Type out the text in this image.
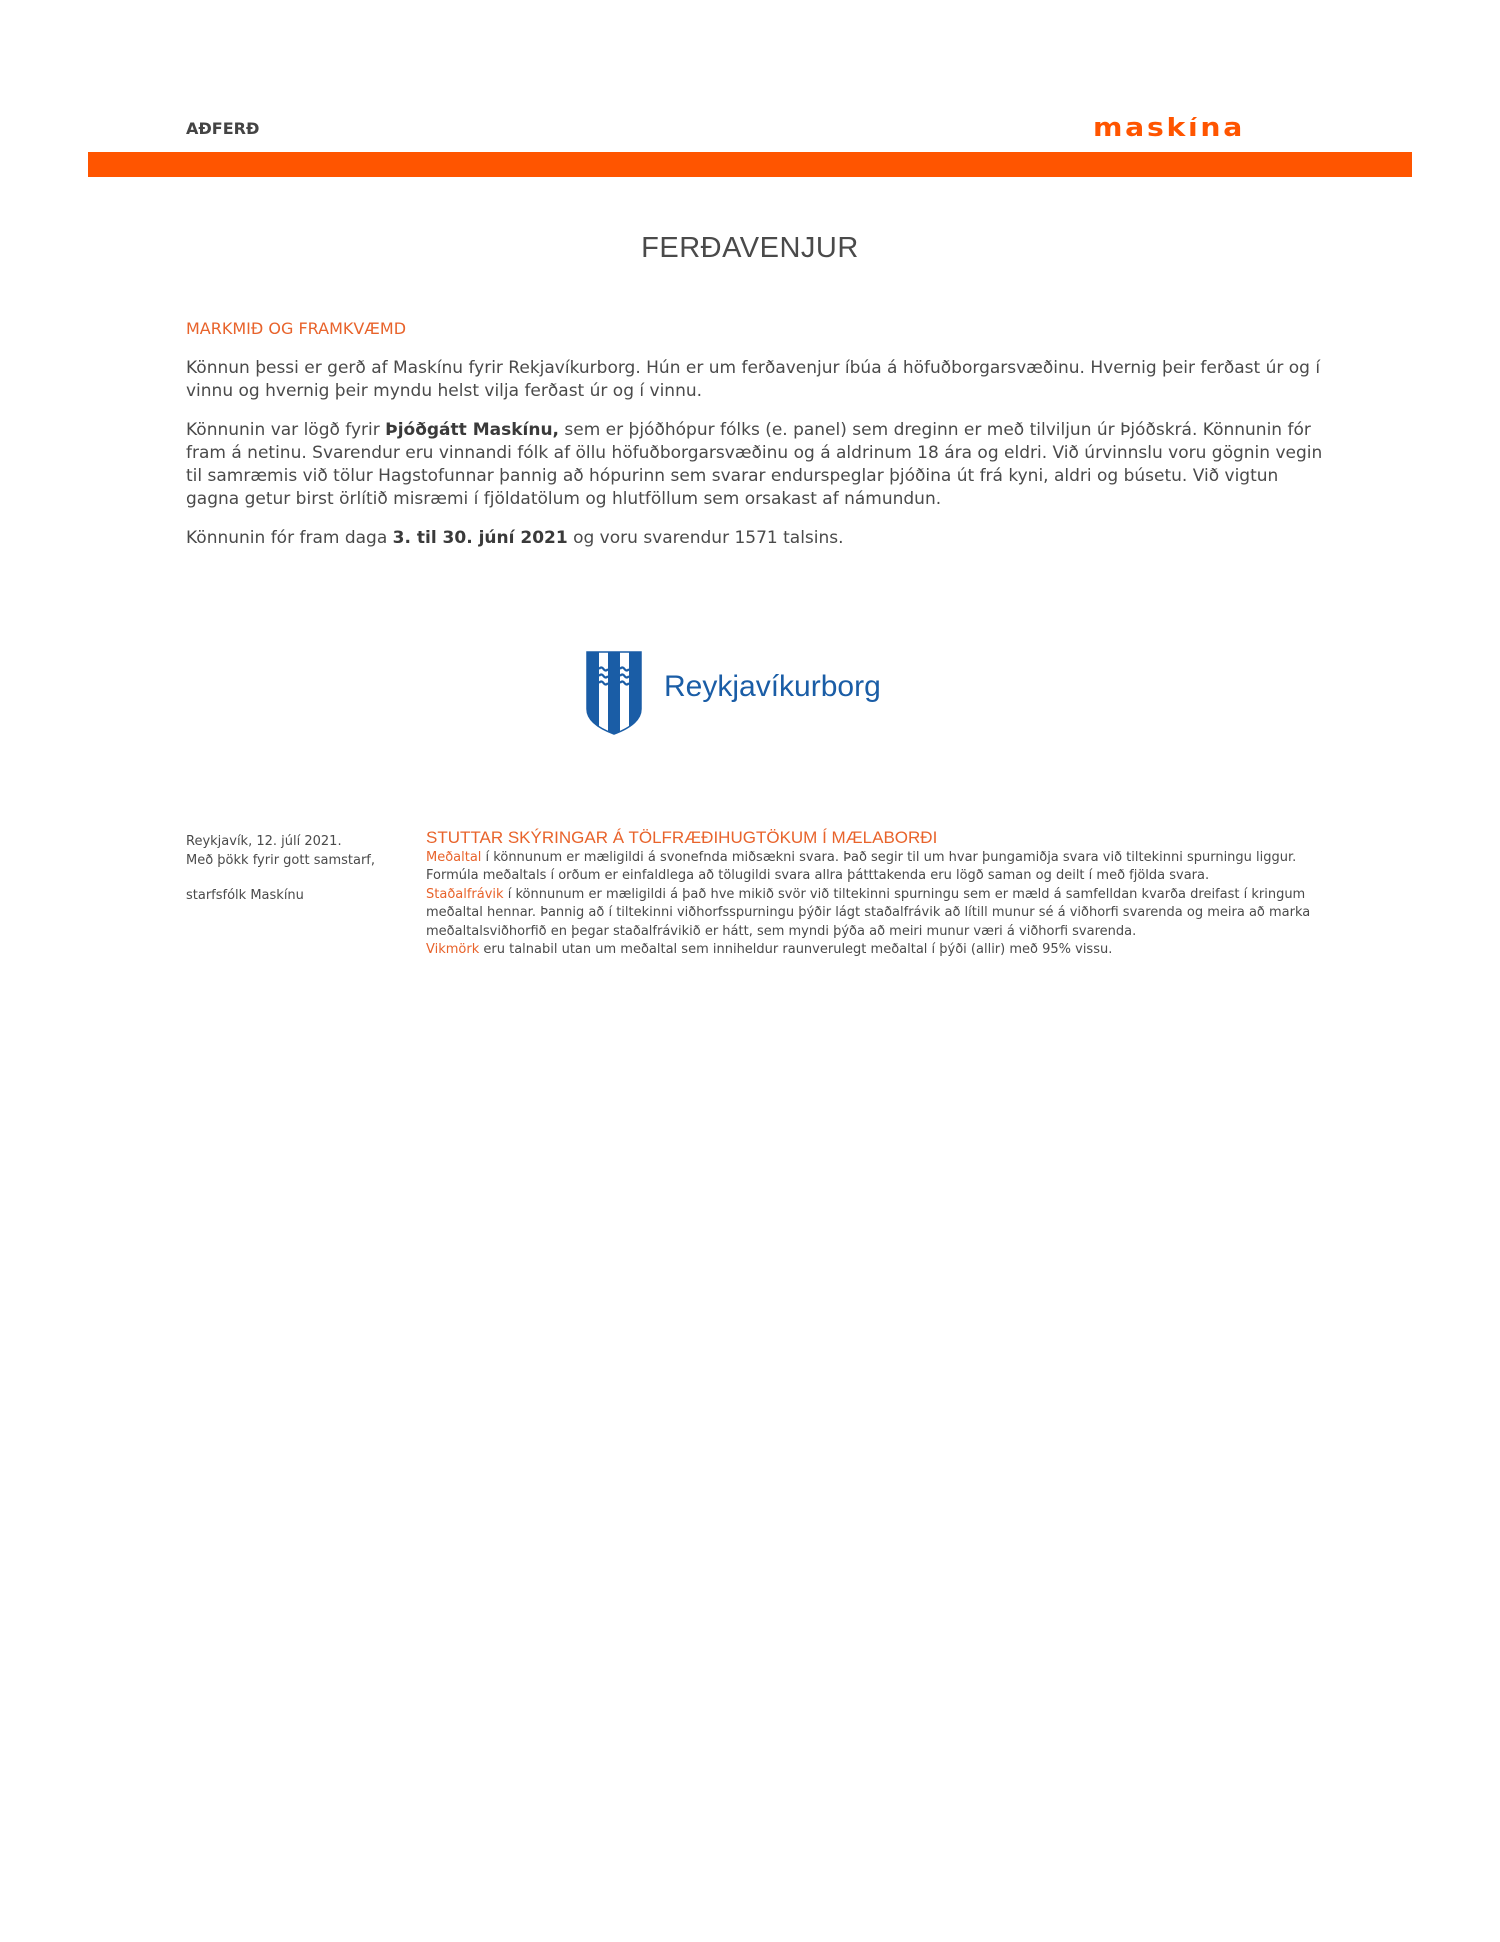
AÐFERÐ	maskína
FERÐAVENJUR
MARKMIÐ OG FRAMKVÆMD

Könnun þessi er gerð af Maskínu fyrir Rekjavíkurborg. Hún er um ferðavenjur íbúa á höfuðborgarsvæðinu. Hvernig þeir ferðast úr og í vinnu og hvernig þeir myndu helst vilja ferðast úr og í vinnu.

Könnunin var lögð fyrir Þjóðgátt Maskínu, sem er þjóðhópur fólks (e. panel) sem dreginn er með tilviljun úr Þjóðskrá. Könnunin fór fram á netinu. Svarendur eru vinnandi fólk af öllu höfuðborgarsvæðinu og á aldrinum 18 ára og eldri. Við úrvinnslu voru gögnin vegin til samræmis við tölur Hagstofunnar þannig að hópurinn sem svarar endurspeglar þjóðina út frá kyni, aldri og búsetu. Við vigtun gagna getur birst örlítið misræmi í fjöldatölum og hlutföllum sem orsakast af námundun.

Könnunin fór fram daga 3. til 30. júní 2021 og voru svarendur 1571 talsins.

Reykjavíkurborg
Reykjavík, 12. júlí 2021.
Með þökk fyrir gott samstarf,
starfsfólk Maskínu
STUTTAR SKÝRINGAR Á TÖLFRÆÐIHUGTÖKUM Í MÆLABORÐI
Meðaltal í könnunum er mæligildi á svonefnda miðsækni svara. Það segir til um hvar þungamiðja svara við tiltekinni spurningu liggur. Formúla meðaltals í orðum er einfaldlega að tölugildi svara allra þátttakenda eru lögð saman og deilt í með fjölda svara.
Staðalfrávik í könnunum er mæligildi á það hve mikið svör við tiltekinni spurningu sem er mæld á samfelldan kvarða dreifast í kringum meðaltal hennar. Þannig að í tiltekinni viðhorfsspurningu þýðir lágt staðalfrávik að lítill munur sé á viðhorfi svarenda og meira að marka meðaltalsviðhorfið en þegar staðalfrávikið er hátt, sem myndi þýða að meiri munur væri á viðhorfi svarenda.
Vikmörk eru talnabil utan um meðaltal sem inniheldur raunverulegt meðaltal í þýði (allir) með 95% vissu.
